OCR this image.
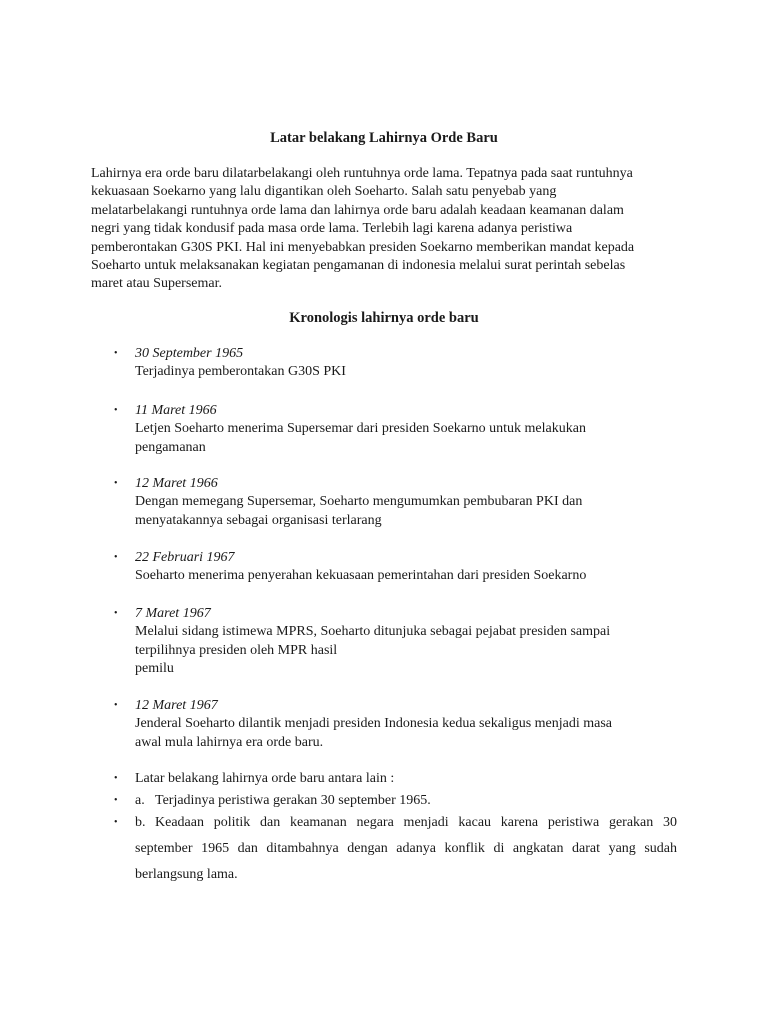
Latar belakang Lahirnya Orde Baru
Lahirnya era orde baru dilatarbelakangi oleh runtuhnya orde lama. Tepatnya pada saat runtuhnya
kekuasaan Soekarno yang lalu digantikan oleh Soeharto. Salah satu penyebab yang
melatarbelakangi runtuhnya orde lama dan lahirnya orde baru adalah keadaan keamanan dalam
negri yang tidak kondusif pada masa orde lama. Terlebih lagi karena adanya peristiwa
pemberontakan G30S PKI. Hal ini menyebabkan presiden Soekarno memberikan mandat kepada
Soeharto untuk melaksanakan kegiatan pengamanan di indonesia melalui surat perintah sebelas
maret atau Supersemar.
Kronologis lahirnya orde baru
• 30 September 1965
Terjadinya pemberontakan G30S PKI
• 11 Maret 1966
Letjen Soeharto menerima Supersemar dari presiden Soekarno untuk melakukan
pengamanan
• 12 Maret 1966
Dengan memegang Supersemar, Soeharto mengumumkan pembubaran PKI dan
menyatakannya sebagai organisasi terlarang
• 22 Februari 1967
Soeharto menerima penyerahan kekuasaan pemerintahan dari presiden Soekarno
• 7 Maret 1967
Melalui sidang istimewa MPRS, Soeharto ditunjuka sebagai pejabat presiden sampai
terpilihnya presiden oleh MPR hasil
pemilu
• 12 Maret 1967
Jenderal Soeharto dilantik menjadi presiden Indonesia kedua sekaligus menjadi masa
awal mula lahirnya era orde baru.
• Latar belakang lahirnya orde baru antara lain :
• a. Terjadinya peristiwa gerakan 30 september 1965.
• b. Keadaan politik dan keamanan negara menjadi kacau karena peristiwa gerakan 30
september 1965 dan ditambahnya dengan adanya konflik di angkatan darat yang sudah
berlangsung lama.
